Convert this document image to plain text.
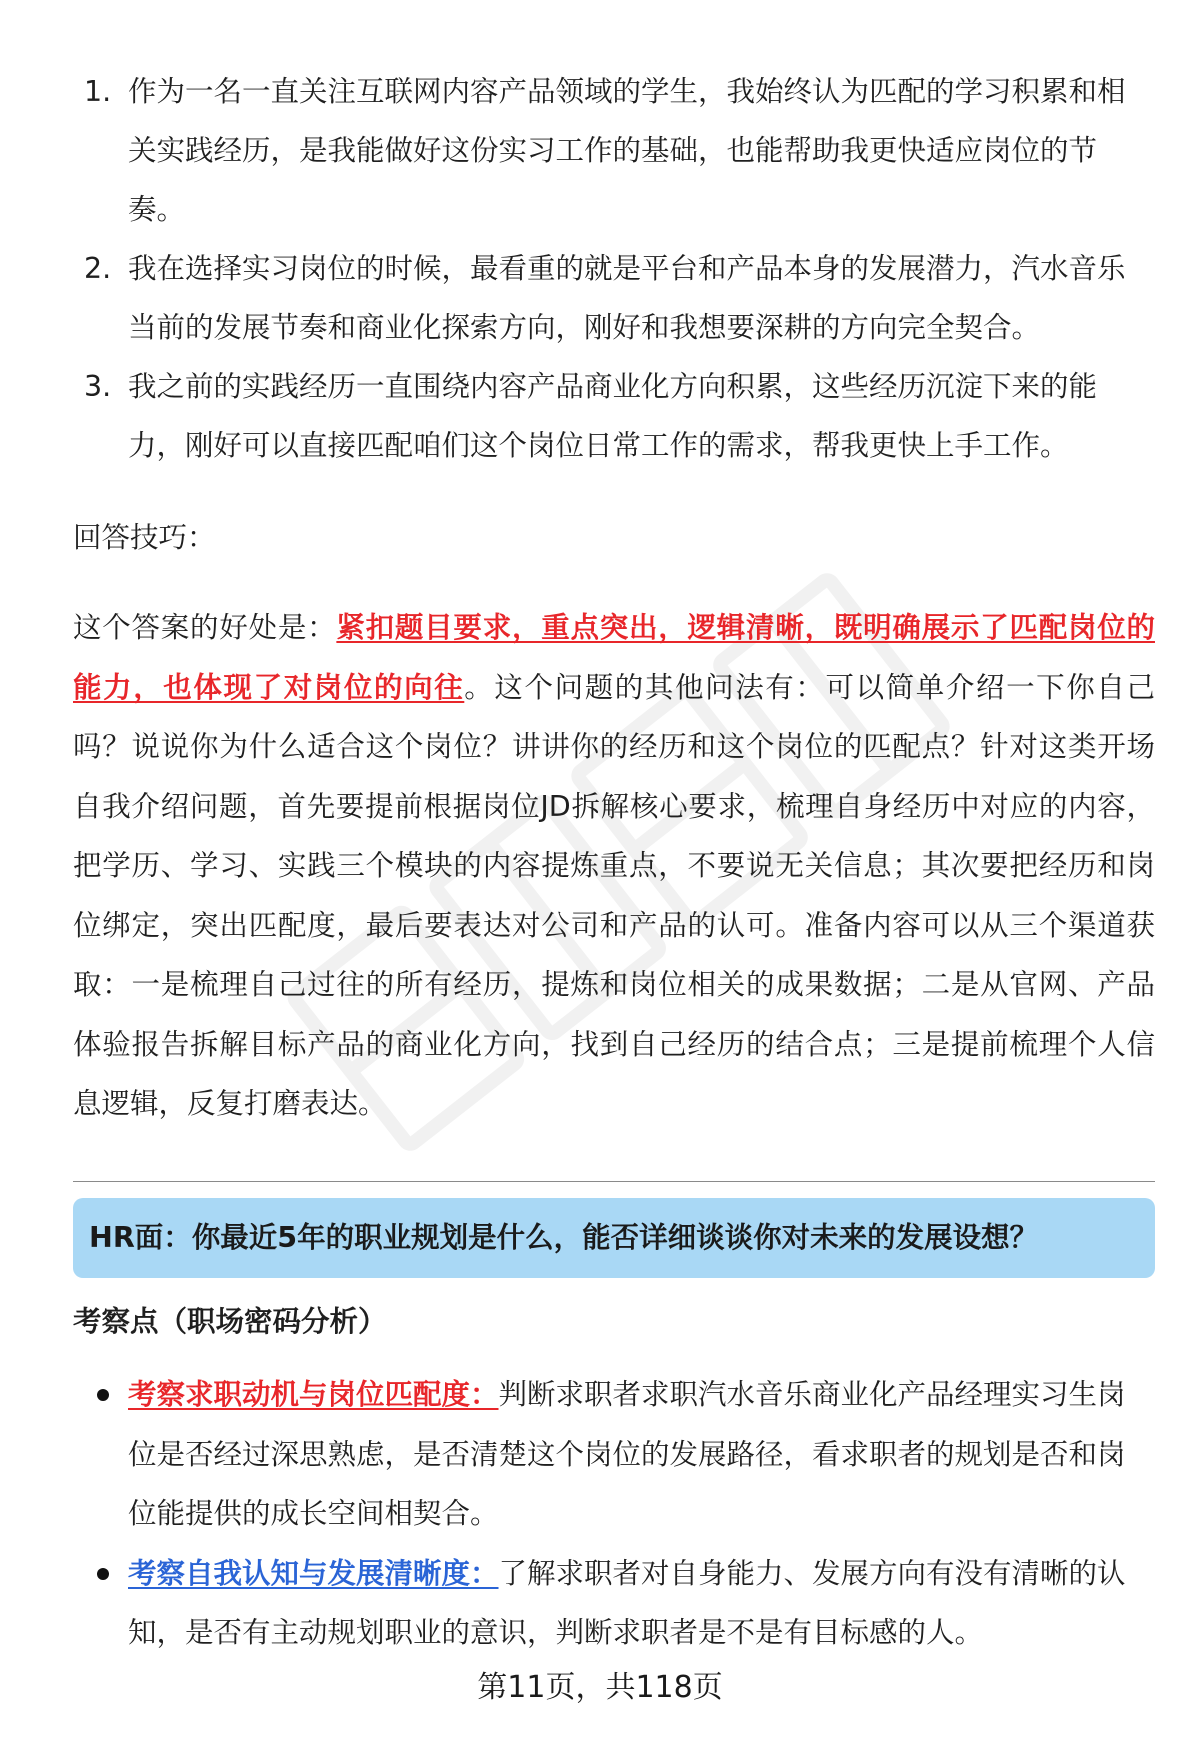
1. 作为一名一直关注互联网内容产品领域的学生，我始终认为匹配的学习积累和相关实践经历，是我能做好这份实习工作的基础，也能帮助我更快适应岗位的节奏。
2. 我在选择实习岗位的时候，最看重的就是平台和产品本身的发展潜力，汽水音乐当前的发展节奏和商业化探索方向，刚好和我想要深耕的方向完全契合。
3. 我之前的实践经历一直围绕内容产品商业化方向积累，这些经历沉淀下来的能力，刚好可以直接匹配咱们这个岗位日常工作的需求，帮我更快上手工作。
回答技巧：
这个答案的好处是：紧扣题目要求，重点突出，逻辑清晰，既明确展示了匹配岗位的能力，也体现了对岗位的向往。这个问题的其他问法有：可以简单介绍一下你自己吗？说说你为什么适合这个岗位？讲讲你的经历和这个岗位的匹配点？针对这类开场自我介绍问题，首先要提前根据岗位JD拆解核心要求，梳理自身经历中对应的内容，把学历、学习、实践三个模块的内容提炼重点，不要说无关信息；其次要把经历和岗位绑定，突出匹配度，最后要表达对公司和产品的认可。准备内容可以从三个渠道获取：一是梳理自己过往的所有经历，提炼和岗位相关的成果数据；二是从官网、产品体验报告拆解目标产品的商业化方向，找到自己经历的结合点；三是提前梳理个人信息逻辑，反复打磨表达。
HR面：你最近5年的职业规划是什么，能否详细谈谈你对未来的发展设想？
考察点（职场密码分析）
考察求职动机与岗位匹配度：判断求职者求职汽水音乐商业化产品经理实习生岗位是否经过深思熟虑，是否清楚这个岗位的发展路径，看求职者的规划是否和岗位能提供的成长空间相契合。
考察自我认知与发展清晰度：了解求职者对自身能力、发展方向有没有清晰的认知，是否有主动规划职业的意识，判断求职者是不是有目标感的人。
第11页，共118页
